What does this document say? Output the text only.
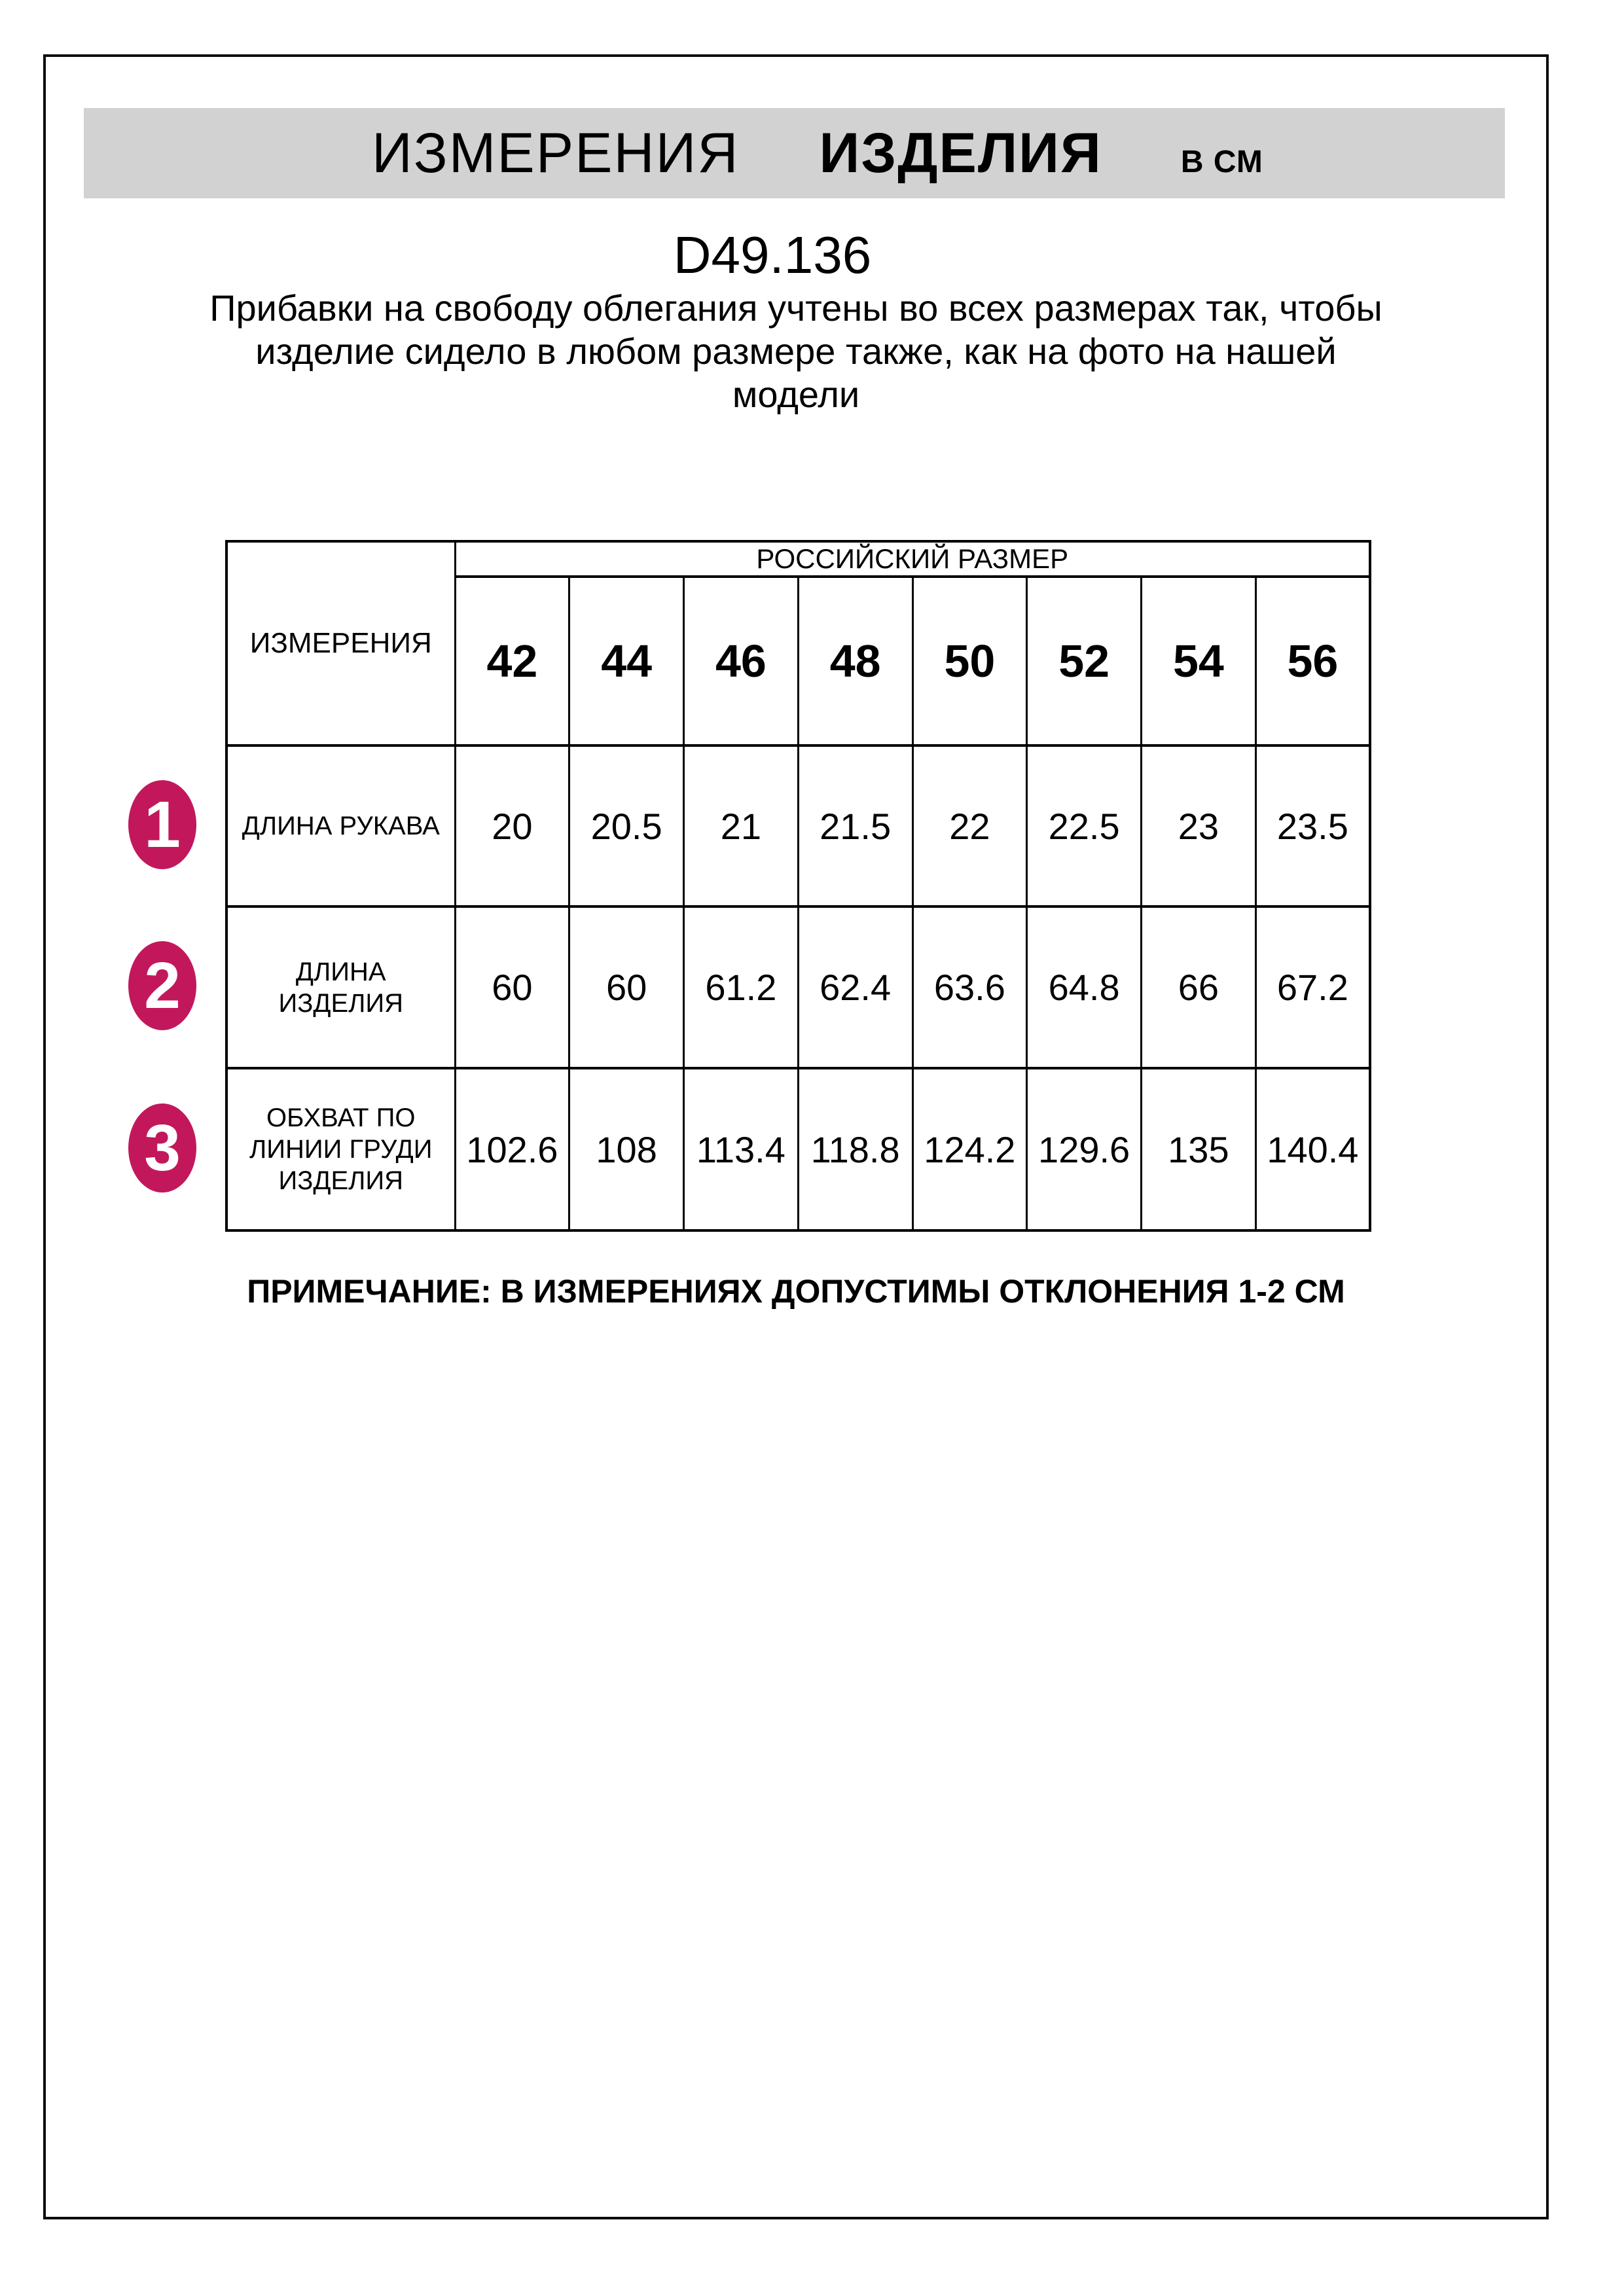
ИЗМЕРЕНИЯ ИЗДЕЛИЯ	В СМ
D49.136
Прибавки на свободу облегания учтены во всех размерах так, чтобы
изделие сидело в любом размере также, как на фото на нашей
модели
ИЗМЕРЕНИЯ	РОССИЙСКИЙ РАЗМЕР							
	42	44	46	48	50	52	54	56

ДЛИНА РУКАВА	20	20.5	21	21.5	22	22.5	23	23.5

ДЛИНА
ИЗДЕЛИЯ	60	60	61.2	62.4	63.6	64.8	66	67.2

ОБХВАТ ПО
ЛИНИИ ГРУДИ
ИЗДЕЛИЯ	102.6	108	113.4	118.8	124.2	129.6	135	140.4
1
2
3
ПРИМЕЧАНИЕ: В ИЗМЕРЕНИЯХ ДОПУСТИМЫ ОТКЛОНЕНИЯ 1-2 СМ
